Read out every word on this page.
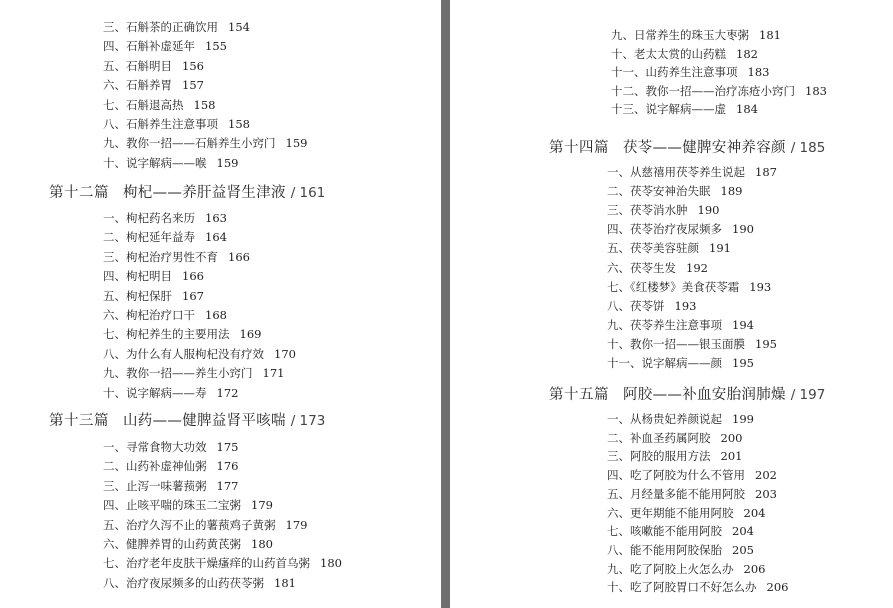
三、石斛茶的正确饮用 154
四、石斛补虚延年 155
五、石斛明目 156
六、石斛养胃 157
七、石斛退高热 158
八、石斛养生注意事项 158
九、教你一招——石斛养生小窍门 159
十、说字解病——喉 159
第十二篇 枸杞——养肝益肾生津液 / 161
一、枸杞药名来历 163
二、枸杞延年益寿 164
三、枸杞治疗男性不育 166
四、枸杞明目 166
五、枸杞保肝 167
六、枸杞治疗口干 168
七、枸杞养生的主要用法 169
八、为什么有人服枸杞没有疗效 170
九、教你一招——养生小窍门 171
十、说字解病——寿 172
第十三篇 山药——健脾益肾平咳喘 / 173
一、寻常食物大功效 175
二、山药补虚神仙粥 176
三、止泻一味薯蓣粥 177
四、止咳平喘的珠玉二宝粥 179
五、治疗久泻不止的薯蓣鸡子黄粥 179
六、健脾养胃的山药黄芪粥 180
七、治疗老年皮肤干燥瘙痒的山药首乌粥 180
八、治疗夜尿频多的山药茯苓粥 181
九、日常养生的珠玉大枣粥 181
十、老太太赏的山药糕 182
十一、山药养生注意事项 183
十二、教你一招——治疗冻疮小窍门 183
十三、说字解病——虚 184
第十四篇 茯苓——健脾安神养容颜 / 185
一、从慈禧用茯苓养生说起 187
二、茯苓安神治失眠 189
三、茯苓消水肿 190
四、茯苓治疗夜尿频多 190
五、茯苓美容驻颜 191
六、茯苓生发 192
七、《红楼梦》美食茯苓霜 193
八、茯苓饼 193
九、茯苓养生注意事项 194
十、教你一招——银玉面膜 195
十一、说字解病——颜 195
第十五篇 阿胶——补血安胎润肺燥 / 197
一、从杨贵妃养颜说起 199
二、补血圣药属阿胶 200
三、阿胶的服用方法 201
四、吃了阿胶为什么不管用 202
五、月经量多能不能用阿胶 203
六、更年期能不能用阿胶 204
七、咳嗽能不能用阿胶 204
八、能不能用阿胶保胎 205
九、吃了阿胶上火怎么办 206
十、吃了阿胶胃口不好怎么办 206
